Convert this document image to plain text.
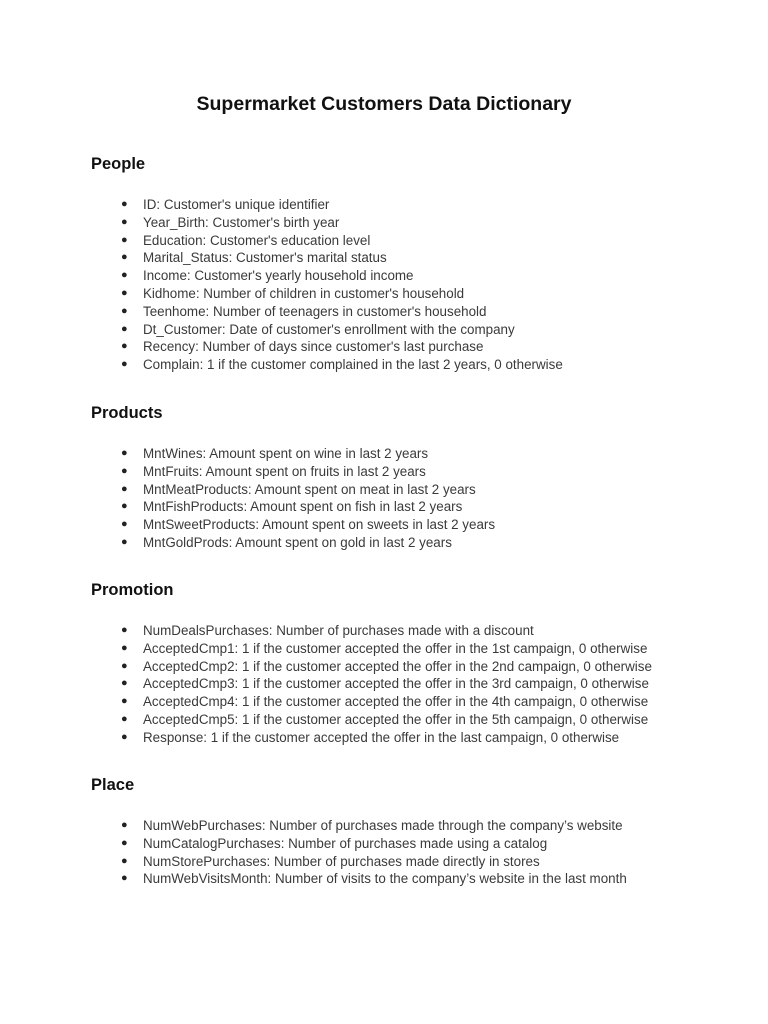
Supermarket Customers Data Dictionary
People
● ID: Customer's unique identifier
● Year_Birth: Customer's birth year
● Education: Customer's education level
● Marital_Status: Customer's marital status
● Income: Customer's yearly household income
● Kidhome: Number of children in customer's household
● Teenhome: Number of teenagers in customer's household
● Dt_Customer: Date of customer's enrollment with the company
● Recency: Number of days since customer's last purchase
● Complain: 1 if the customer complained in the last 2 years, 0 otherwise
Products
● MntWines: Amount spent on wine in last 2 years
● MntFruits: Amount spent on fruits in last 2 years
● MntMeatProducts: Amount spent on meat in last 2 years
● MntFishProducts: Amount spent on fish in last 2 years
● MntSweetProducts: Amount spent on sweets in last 2 years
● MntGoldProds: Amount spent on gold in last 2 years
Promotion
● NumDealsPurchases: Number of purchases made with a discount
● AcceptedCmp1: 1 if the customer accepted the offer in the 1st campaign, 0 otherwise
● AcceptedCmp2: 1 if the customer accepted the offer in the 2nd campaign, 0 otherwise
● AcceptedCmp3: 1 if the customer accepted the offer in the 3rd campaign, 0 otherwise
● AcceptedCmp4: 1 if the customer accepted the offer in the 4th campaign, 0 otherwise
● AcceptedCmp5: 1 if the customer accepted the offer in the 5th campaign, 0 otherwise
● Response: 1 if the customer accepted the offer in the last campaign, 0 otherwise
Place
● NumWebPurchases: Number of purchases made through the company’s website
● NumCatalogPurchases: Number of purchases made using a catalog
● NumStorePurchases: Number of purchases made directly in stores
● NumWebVisitsMonth: Number of visits to the company’s website in the last month
